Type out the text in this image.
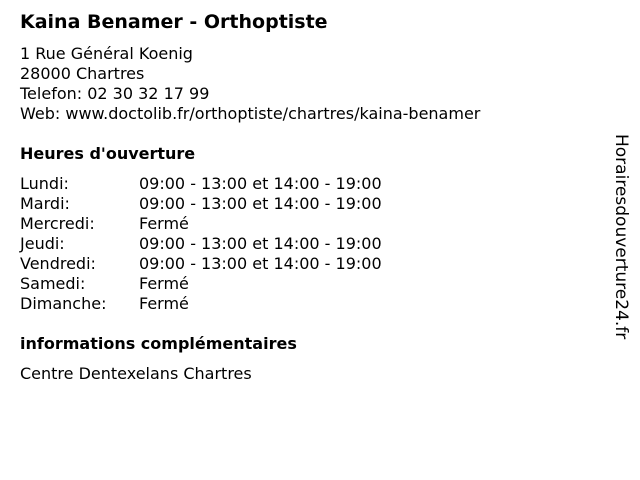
Kaina Benamer - Orthoptiste
1 Rue Général Koenig
28000 Chartres
Telefon: 02 30 32 17 99
Web: www.doctolib.fr/orthoptiste/chartres/kaina-benamer
Heures d'ouverture
Lundi:	09:00 - 13:00 et 14:00 - 19:00
Mardi:	09:00 - 13:00 et 14:00 - 19:00
Mercredi:	Fermé
Jeudi:	09:00 - 13:00 et 14:00 - 19:00
Vendredi:	09:00 - 13:00 et 14:00 - 19:00
Samedi:	Fermé
Dimanche: Fermé
informations complémentaires
Centre Dentexelans Chartres
Horairesdouverture24.fr
